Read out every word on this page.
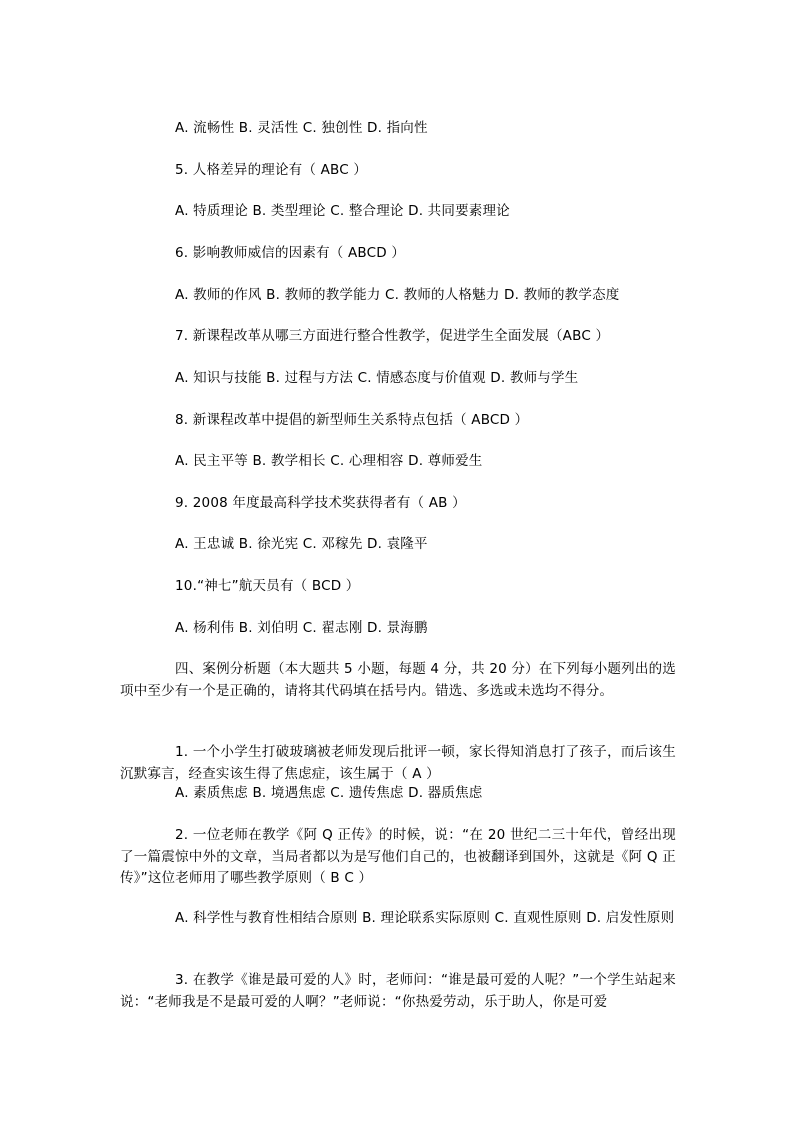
A. 流畅性 B. 灵活性 C. 独创性 D. 指向性
5. 人格差异的理论有（ ABC ）
A. 特质理论 B. 类型理论 C. 整合理论 D. 共同要素理论
6. 影响教师威信的因素有（ ABCD ）
A. 教师的作风 B. 教师的教学能力 C. 教师的人格魅力 D. 教师的教学态度
7. 新课程改革从哪三方面进行整合性教学，促进学生全面发展（ABC ）
A. 知识与技能 B. 过程与方法 C. 情感态度与价值观 D. 教师与学生
8. 新课程改革中提倡的新型师生关系特点包括（ ABCD ）
A. 民主平等 B. 教学相长 C. 心理相容 D. 尊师爱生
9. 2008 年度最高科学技术奖获得者有（ AB ）
A. 王忠诚 B. 徐光宪 C. 邓稼先 D. 袁隆平
10.“神七”航天员有（ BCD ）
A. 杨利伟 B. 刘伯明 C. 翟志刚 D. 景海鹏
四、案例分析题（本大题共 5 小题，每题 4 分，共 20 分）在下列每小题列出的选项中至少有一个是正确的，请将其代码填在括号内。错选、多选或未选均不得分。
1. 一个小学生打破玻璃被老师发现后批评一顿，家长得知消息打了孩子，而后该生沉默寡言，经查实该生得了焦虑症，该生属于（ A ）
A. 素质焦虑 B. 境遇焦虑 C. 遗传焦虑 D. 器质焦虑
2. 一位老师在教学《阿 Q 正传》的时候，说：“在 20 世纪二三十年代，曾经出现了一篇震惊中外的文章，当局者都以为是写他们自己的，也被翻译到国外，这就是《阿 Q 正传》”这位老师用了哪些教学原则（ B C ）
A. 科学性与教育性相结合原则 B. 理论联系实际原则 C. 直观性原则 D. 启发性原则
3. 在教学《谁是最可爱的人》时，老师问：“谁是最可爱的人呢？”一个学生站起来说：“老师我是不是最可爱的人啊？”老师说：“你热爱劳动，乐于助人，你是可爱
